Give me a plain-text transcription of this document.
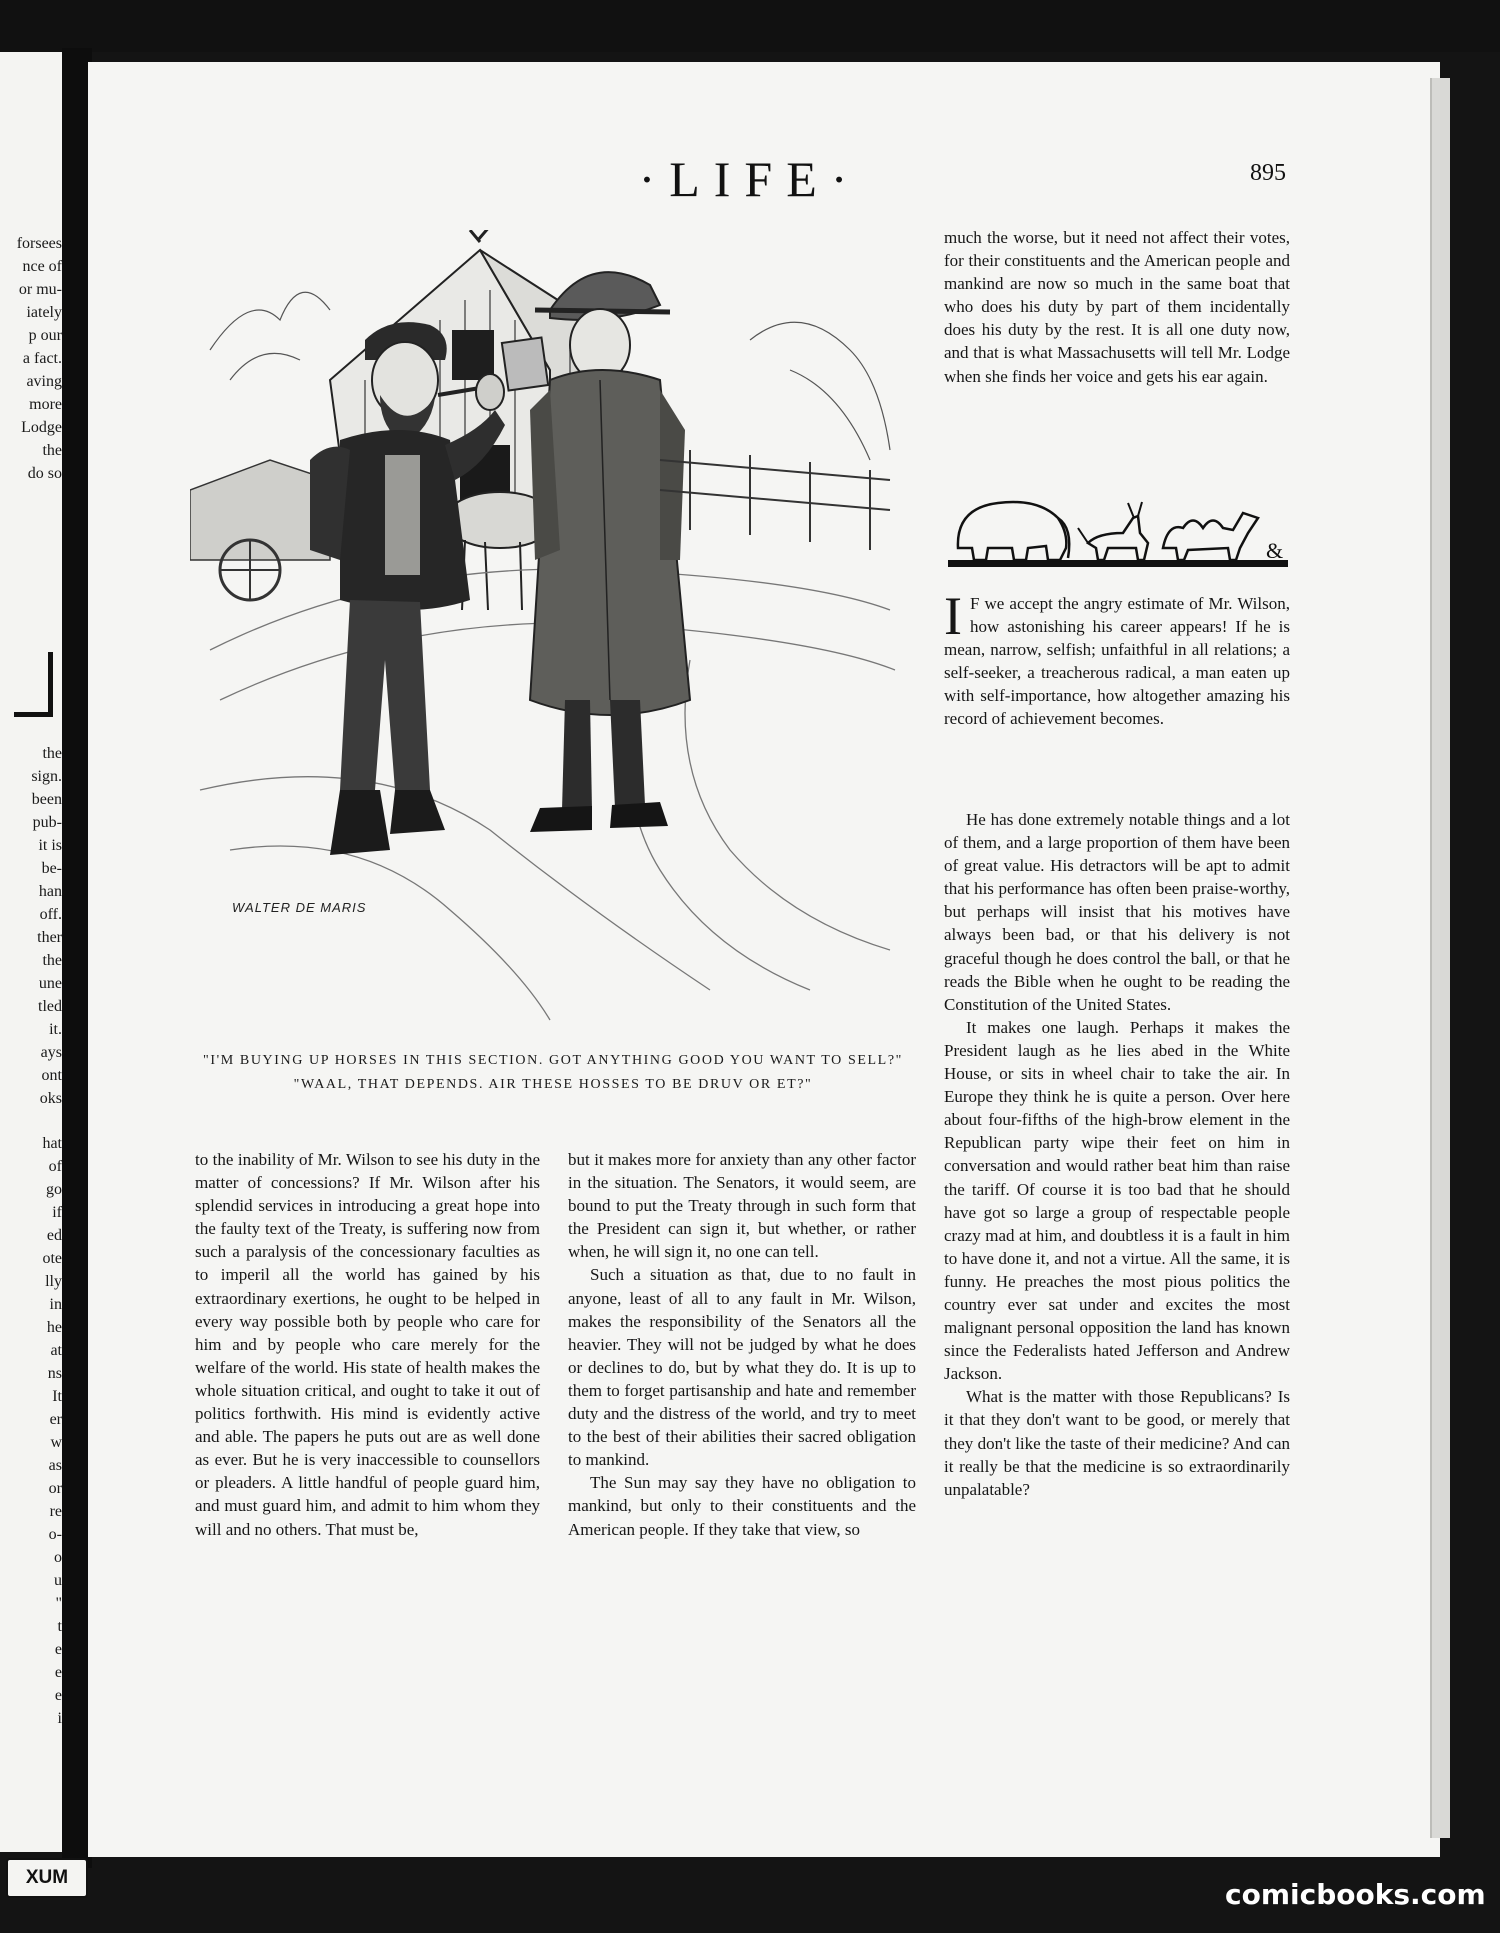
forsees
nce of
or mu-
iately
p our
a fact.
aving
more
Lodge
the
do so
the
sign.
been
pub-
it is
be-
han
off.
ther
the
une
tled
it.
ays
ont
oks
hat
of
go
if
ed
ote
lly
in
he
at
ns
It
er
w
as
or
re
o-
o
u
"
t
e
e
e
i
·LIFE·	895
WALTER DE MARIS
"I'M BUYING UP HORSES IN THIS SECTION. GOT ANYTHING GOOD YOU WANT TO SELL?"
"WAAL, THAT DEPENDS. AIR THESE HOSSES TO BE DRUV OR ET?"

to the inability of Mr. Wilson to see his duty in the matter of concessions? If Mr. Wilson after his splendid services in introducing a great hope into the faulty text of the Treaty, is suffering now from such a paralysis of the concessionary faculties as to imperil all the world has gained by his extraordinary exertions, he ought to be helped in every way possible both by people who care for him and by people who care merely for the welfare of the world. His state of health makes the whole situation critical, and ought to take it out of politics forthwith. His mind is evidently active and able. The papers he puts out are as well done as ever. But he is very inaccessible to counsellors or pleaders. A little handful of people guard him, and must guard him, and admit to him whom they will and no others. That must be,

but it makes more for anxiety than any other factor in the situation. The Senators, it would seem, are bound to put the Treaty through in such form that the President can sign it, but whether, or rather when, he will sign it, no one can tell.

Such a situation as that, due to no fault in anyone, least of all to any fault in Mr. Wilson, makes the responsibility of the Senators all the heavier. They will not be judged by what he does or declines to do, but by what they do. It is up to them to forget partisanship and hate and remember duty and the distress of the world, and try to meet to the best of their abilities their sacred obligation to mankind.

The Sun may say they have no obligation to mankind, but only to their constituents and the American people. If they take that view, so

much the worse, but it need not affect their votes, for their constituents and the American people and mankind are now so much in the same boat that who does his duty by part of them incidentally does his duty by the rest. It is all one duty now, and that is what Massachusetts will tell Mr. Lodge when she finds her voice and gets his ear again.

&

I F we accept the angry estimate of Mr. Wilson, how astonishing his career appears! If he is mean, narrow, selfish; unfaithful in all relations; a self-seeker, a treacherous radical, a man eaten up with self-importance, how altogether amazing his record of achievement becomes.

He has done extremely notable things and a lot of them, and a large proportion of them have been of great value. His detractors will be apt to admit that his performance has often been praise-worthy, but perhaps will insist that his motives have always been bad, or that his delivery is not graceful though he does control the ball, or that he reads the Bible when he ought to be reading the Constitution of the United States.

It makes one laugh. Perhaps it makes the President laugh as he lies abed in the White House, or sits in wheel chair to take the air. In Europe they think he is quite a person. Over here about four-fifths of the high-brow element in the Republican party wipe their feet on him in conversation and would rather beat him than raise the tariff. Of course it is too bad that he should have got so large a group of respectable people crazy mad at him, and doubtless it is a fault in him to have done it, and not a virtue. All the same, it is funny. He preaches the most pious politics the country ever sat under and excites the most malignant personal opposition the land has known since the Federalists hated Jefferson and Andrew Jackson.

What is the matter with those Republicans? Is it that they don't want to be good, or merely that they don't like the taste of their medicine? And can it really be that the medicine is so extraordinarily unpalatable?

XUM
comicbooks.com
